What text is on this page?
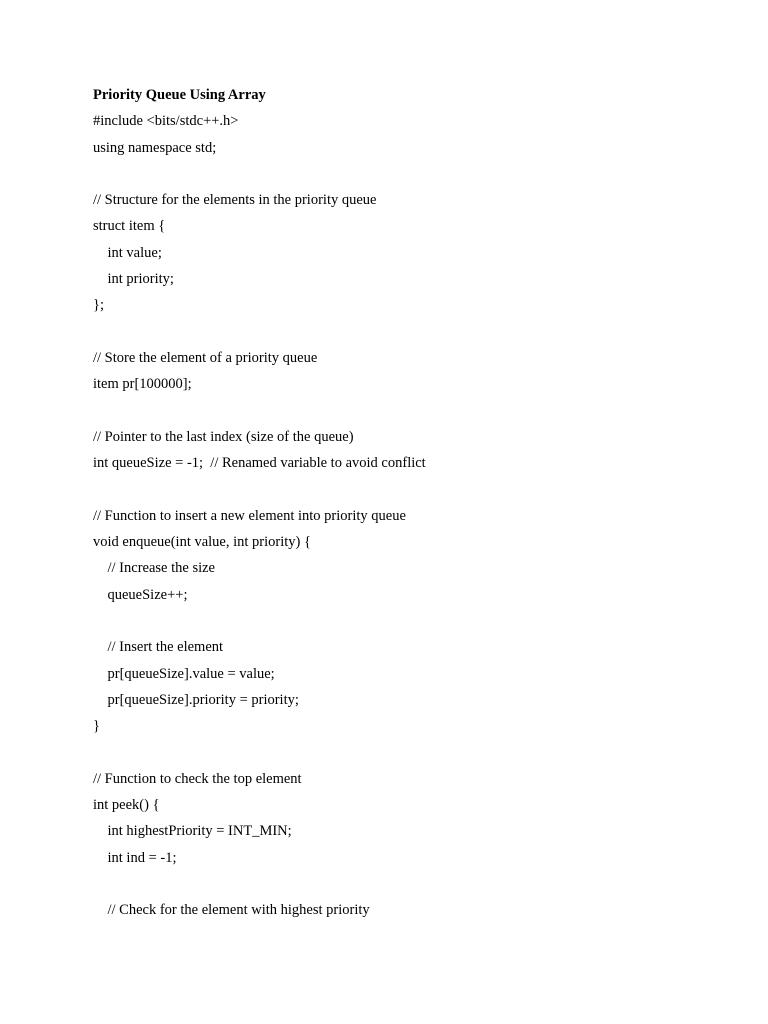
Priority Queue Using Array
#include <bits/stdc++.h>
using namespace std;
// Structure for the elements in the priority queue
struct item {
int value;
int priority;
};
// Store the element of a priority queue
item pr[100000];
// Pointer to the last index (size of the queue)
int queueSize = -1;  // Renamed variable to avoid conflict
// Function to insert a new element into priority queue
void enqueue(int value, int priority) {
// Increase the size
queueSize++;
// Insert the element
pr[queueSize].value = value;
pr[queueSize].priority = priority;
}
// Function to check the top element
int peek() {
int highestPriority = INT_MIN;
int ind = -1;
// Check for the element with highest priority
